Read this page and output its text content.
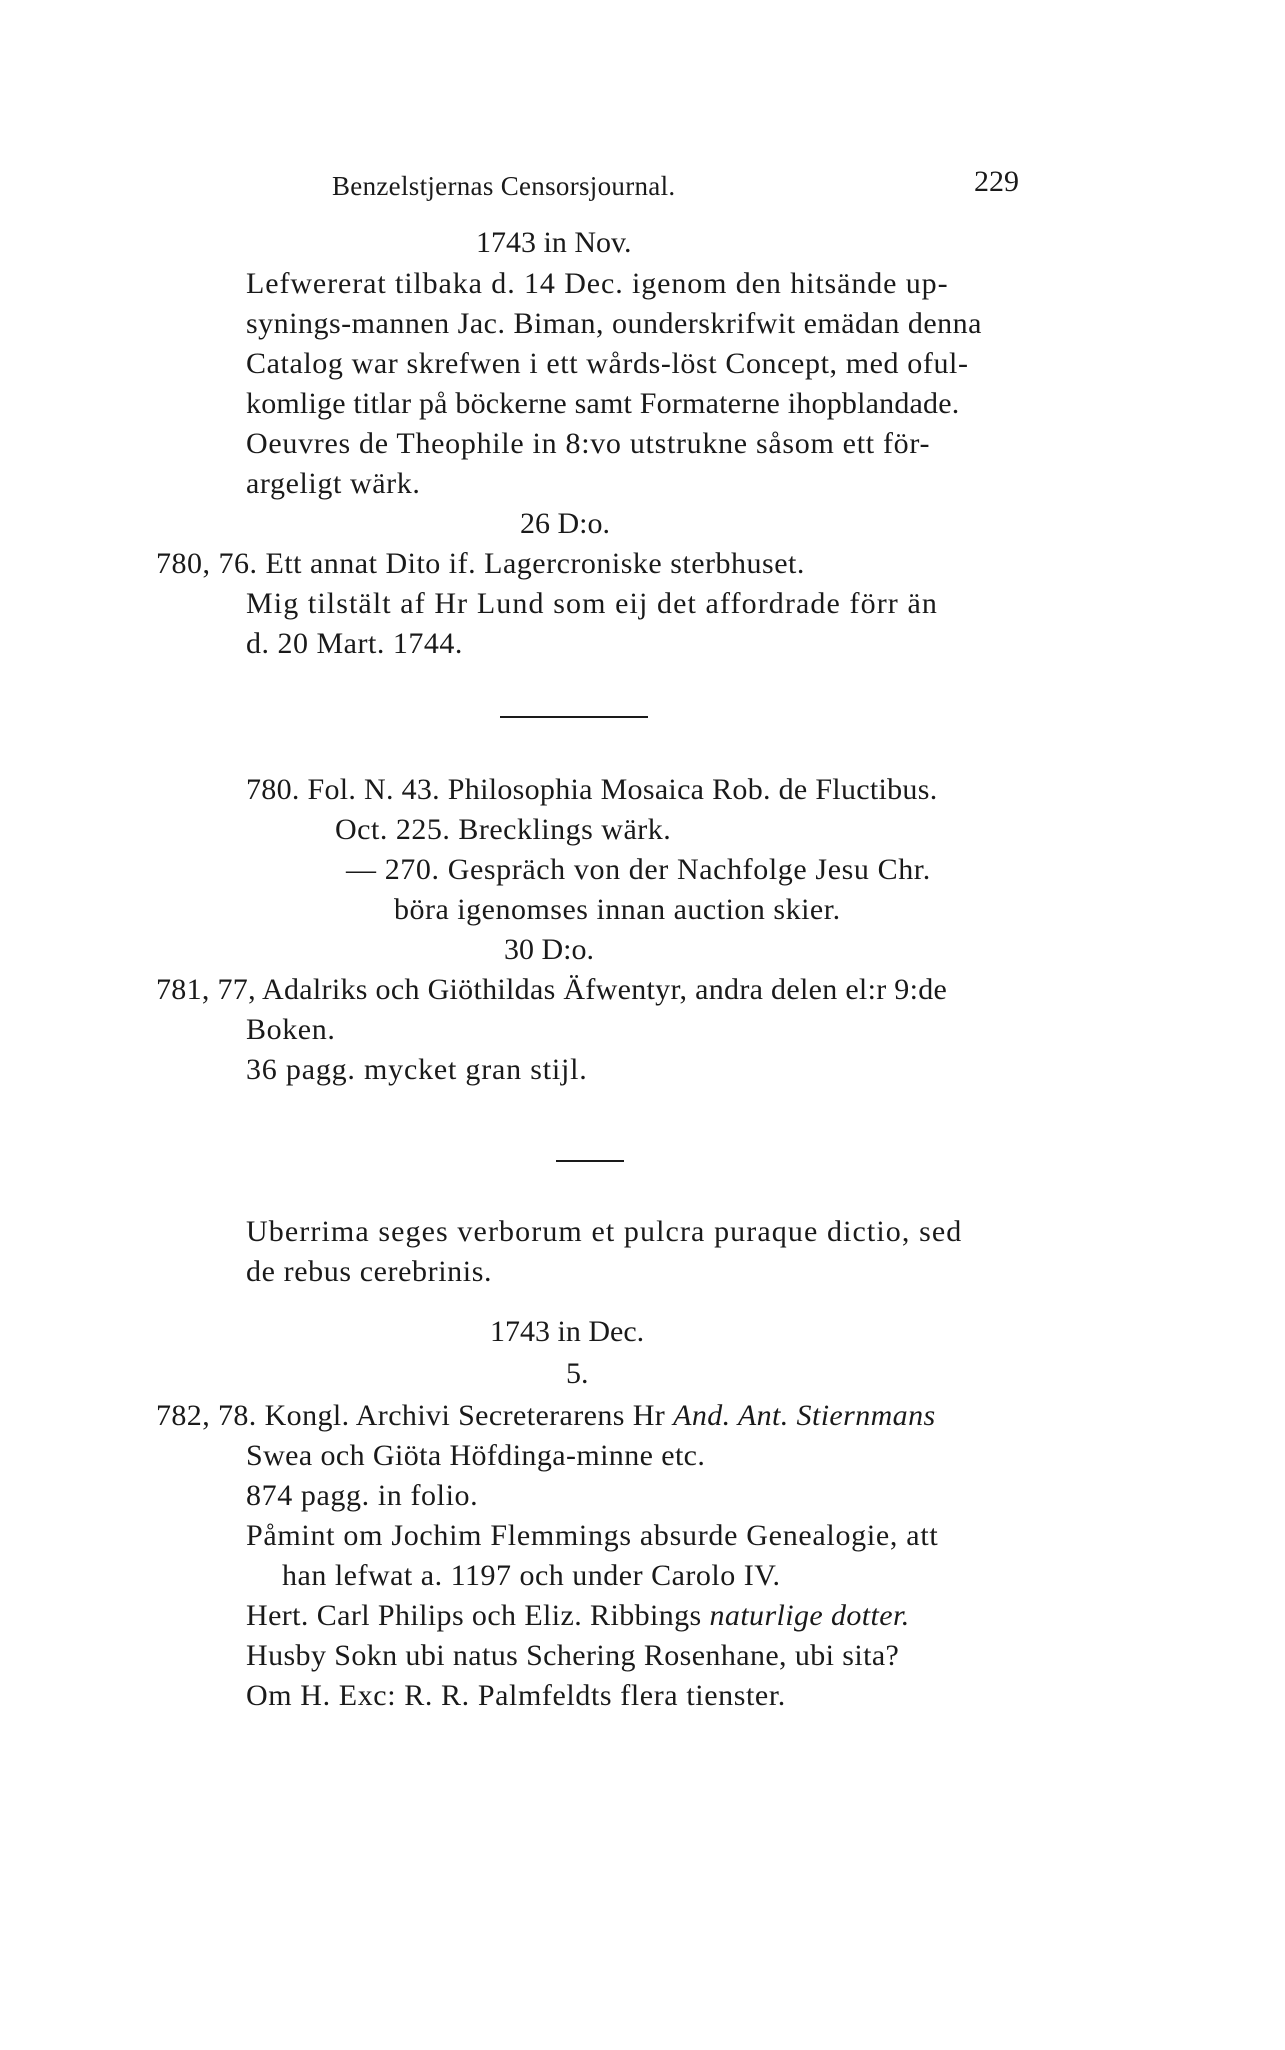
Benzelstjernas Censorsjournal.	229
1743 in Nov.
Lefwererat tilbaka d. 14 Dec. igenom den hitsände up-
synings-mannen Jac. Biman, ounderskrifwit emädan denna
Catalog war skrefwen i ett wårds-löst Concept, med oful-
komlige titlar på böckerne samt Formaterne ihopblandade.
Oeuvres de Theophile in 8:vo utstrukne såsom ett för-
argeligt wärk.
26 D:o.
780, 76. Ett annat Dito if. Lagercroniske sterbhuset.
Mig tilstält af Hr Lund som eij det affordrade förr än
d. 20 Mart. 1744.
780. Fol. N. 43. Philosophia Mosaica Rob. de Fluctibus.
Oct. 225. Brecklings wärk.
— 270. Gespräch von der Nachfolge Jesu Chr.
böra igenomses innan auction skier.
30 D:o.
781, 77, Adalriks och Giöthildas Äfwentyr, andra delen el:r 9:de
Boken.
36 pagg. mycket gran stijl.
Uberrima seges verborum et pulcra puraque dictio, sed
de rebus cerebrinis.
1743 in Dec.
5.
782, 78. Kongl. Archivi Secreterarens Hr And. Ant. Stiernmans
Swea och Giöta Höfdinga-minne etc.
874 pagg. in folio.
Påmint om Jochim Flemmings absurde Genealogie, att
han lefwat a. 1197 och under Carolo IV.
Hert. Carl Philips och Eliz. Ribbings naturlige dotter.
Husby Sokn ubi natus Schering Rosenhane, ubi sita?
Om H. Exc: R. R. Palmfeldts flera tienster.
